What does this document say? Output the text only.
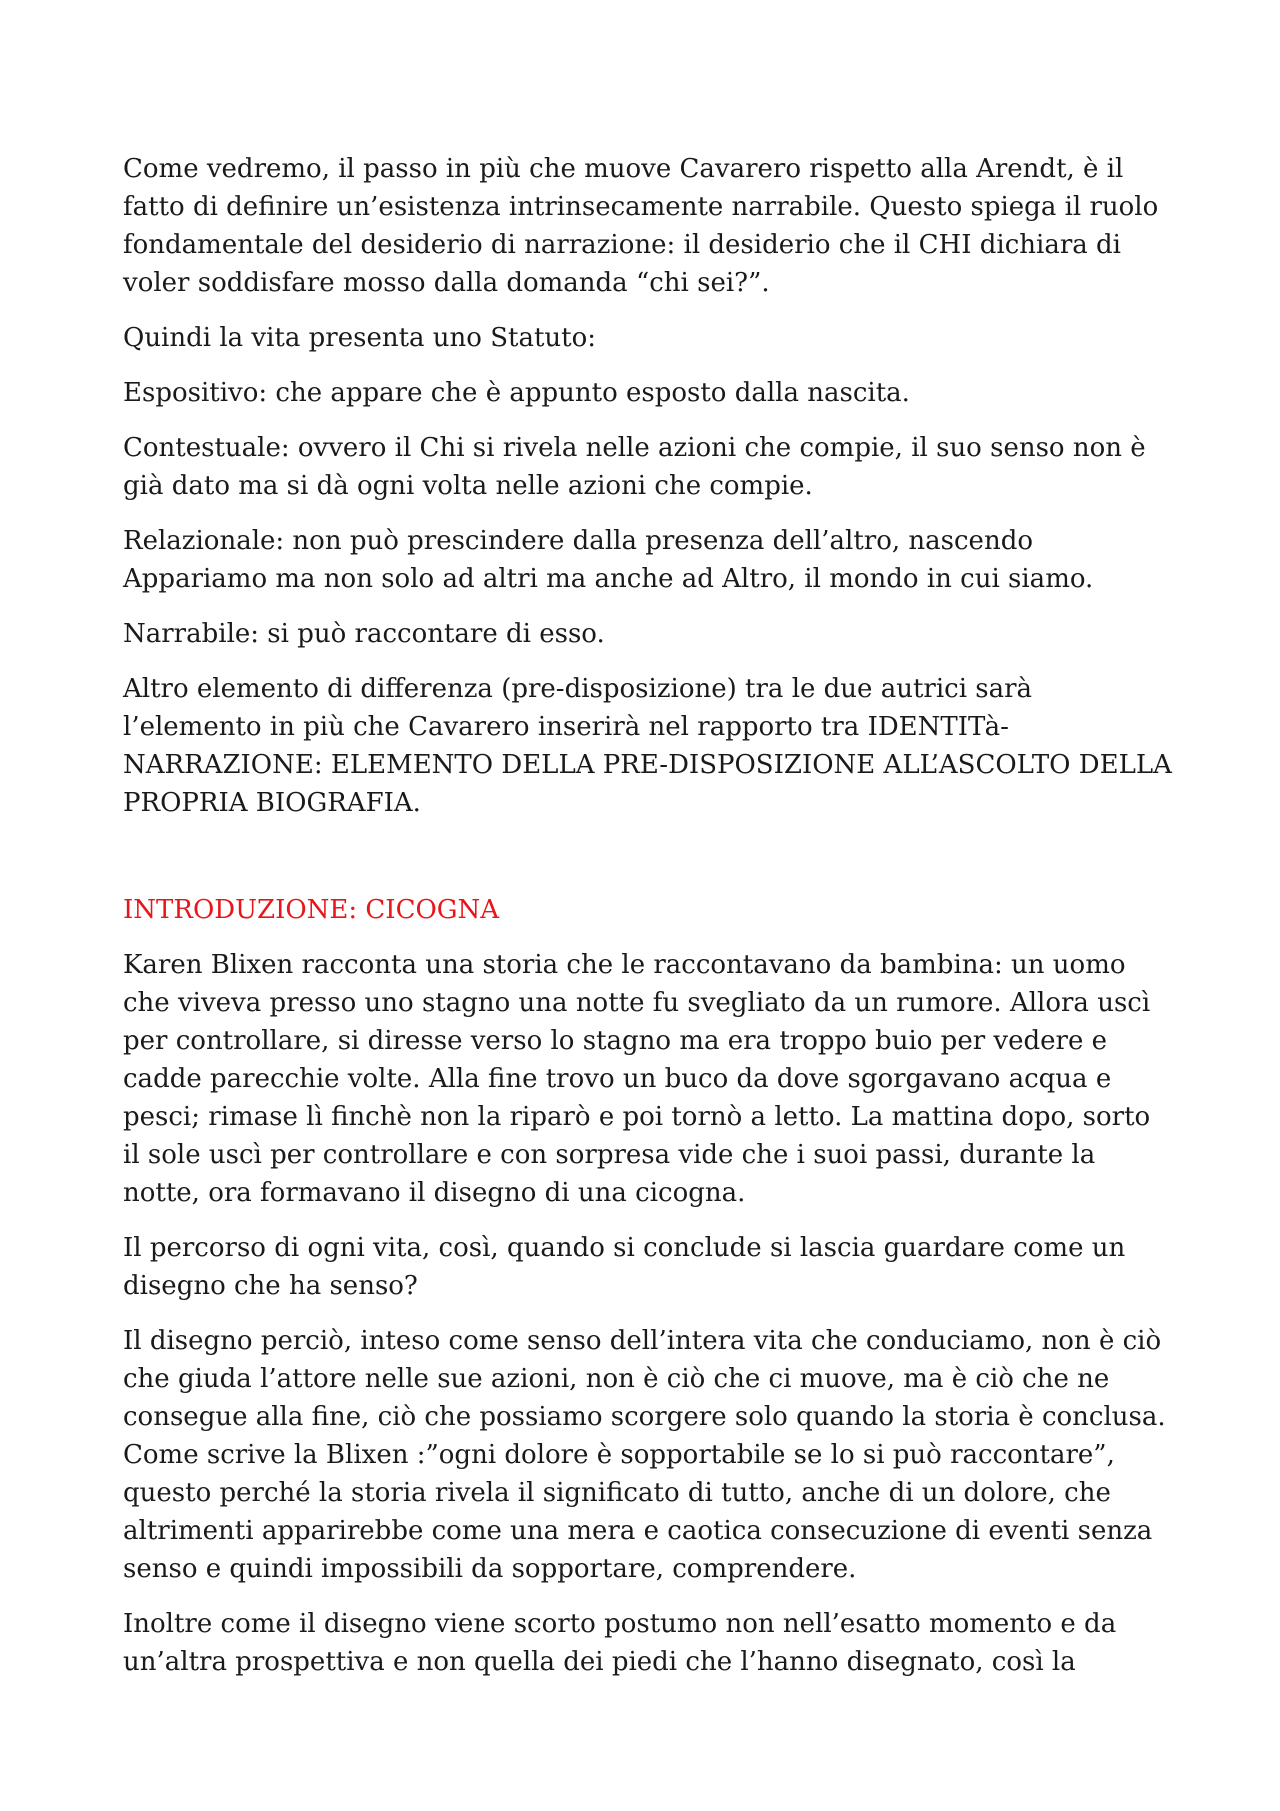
Come vedremo, il passo in più che muove Cavarero rispetto alla Arendt, è il fatto di definire un’esistenza intrinsecamente narrabile. Questo spiega il ruolo fondamentale del desiderio di narrazione: il desiderio che il CHI dichiara di voler soddisfare mosso dalla domanda “chi sei?”.

Quindi la vita presenta uno Statuto:

Espositivo: che appare che è appunto esposto dalla nascita.

Contestuale: ovvero il Chi si rivela nelle azioni che compie, il suo senso non è già dato ma si dà ogni volta nelle azioni che compie.

Relazionale: non può prescindere dalla presenza dell’altro, nascendo Appariamo ma non solo ad altri ma anche ad Altro, il mondo in cui siamo.

Narrabile: si può raccontare di esso.

Altro elemento di differenza (pre-disposizione) tra le due autrici sarà l’elemento in più che Cavarero inserirà nel rapporto tra IDENTITà-NARRAZIONE: ELEMENTO DELLA PRE-DISPOSIZIONE ALL’ASCOLTO DELLA PROPRIA BIOGRAFIA.

INTRODUZIONE: CICOGNA

Karen Blixen racconta una storia che le raccontavano da bambina: un uomo che viveva presso uno stagno una notte fu svegliato da un rumore. Allora uscì per controllare, si diresse verso lo stagno ma era troppo buio per vedere e cadde parecchie volte. Alla fine trovo un buco da dove sgorgavano acqua e pesci; rimase lì finchè non la riparò e poi tornò a letto. La mattina dopo, sorto il sole uscì per controllare e con sorpresa vide che i suoi passi, durante la notte, ora formavano il disegno di una cicogna.

Il percorso di ogni vita, così, quando si conclude si lascia guardare come un disegno che ha senso?

Il disegno perciò, inteso come senso dell’intera vita che conduciamo, non è ciò che giuda l’attore nelle sue azioni, non è ciò che ci muove, ma è ciò che ne consegue alla fine, ciò che possiamo scorgere solo quando la storia è conclusa. Come scrive la Blixen :”ogni dolore è sopportabile se lo si può raccontare”, questo perché la storia rivela il significato di tutto, anche di un dolore, che altrimenti apparirebbe come una mera e caotica consecuzione di eventi senza senso e quindi impossibili da sopportare, comprendere.

Inoltre come il disegno viene scorto postumo non nell’esatto momento e da un’altra prospettiva e non quella dei piedi che l’hanno disegnato, così la
